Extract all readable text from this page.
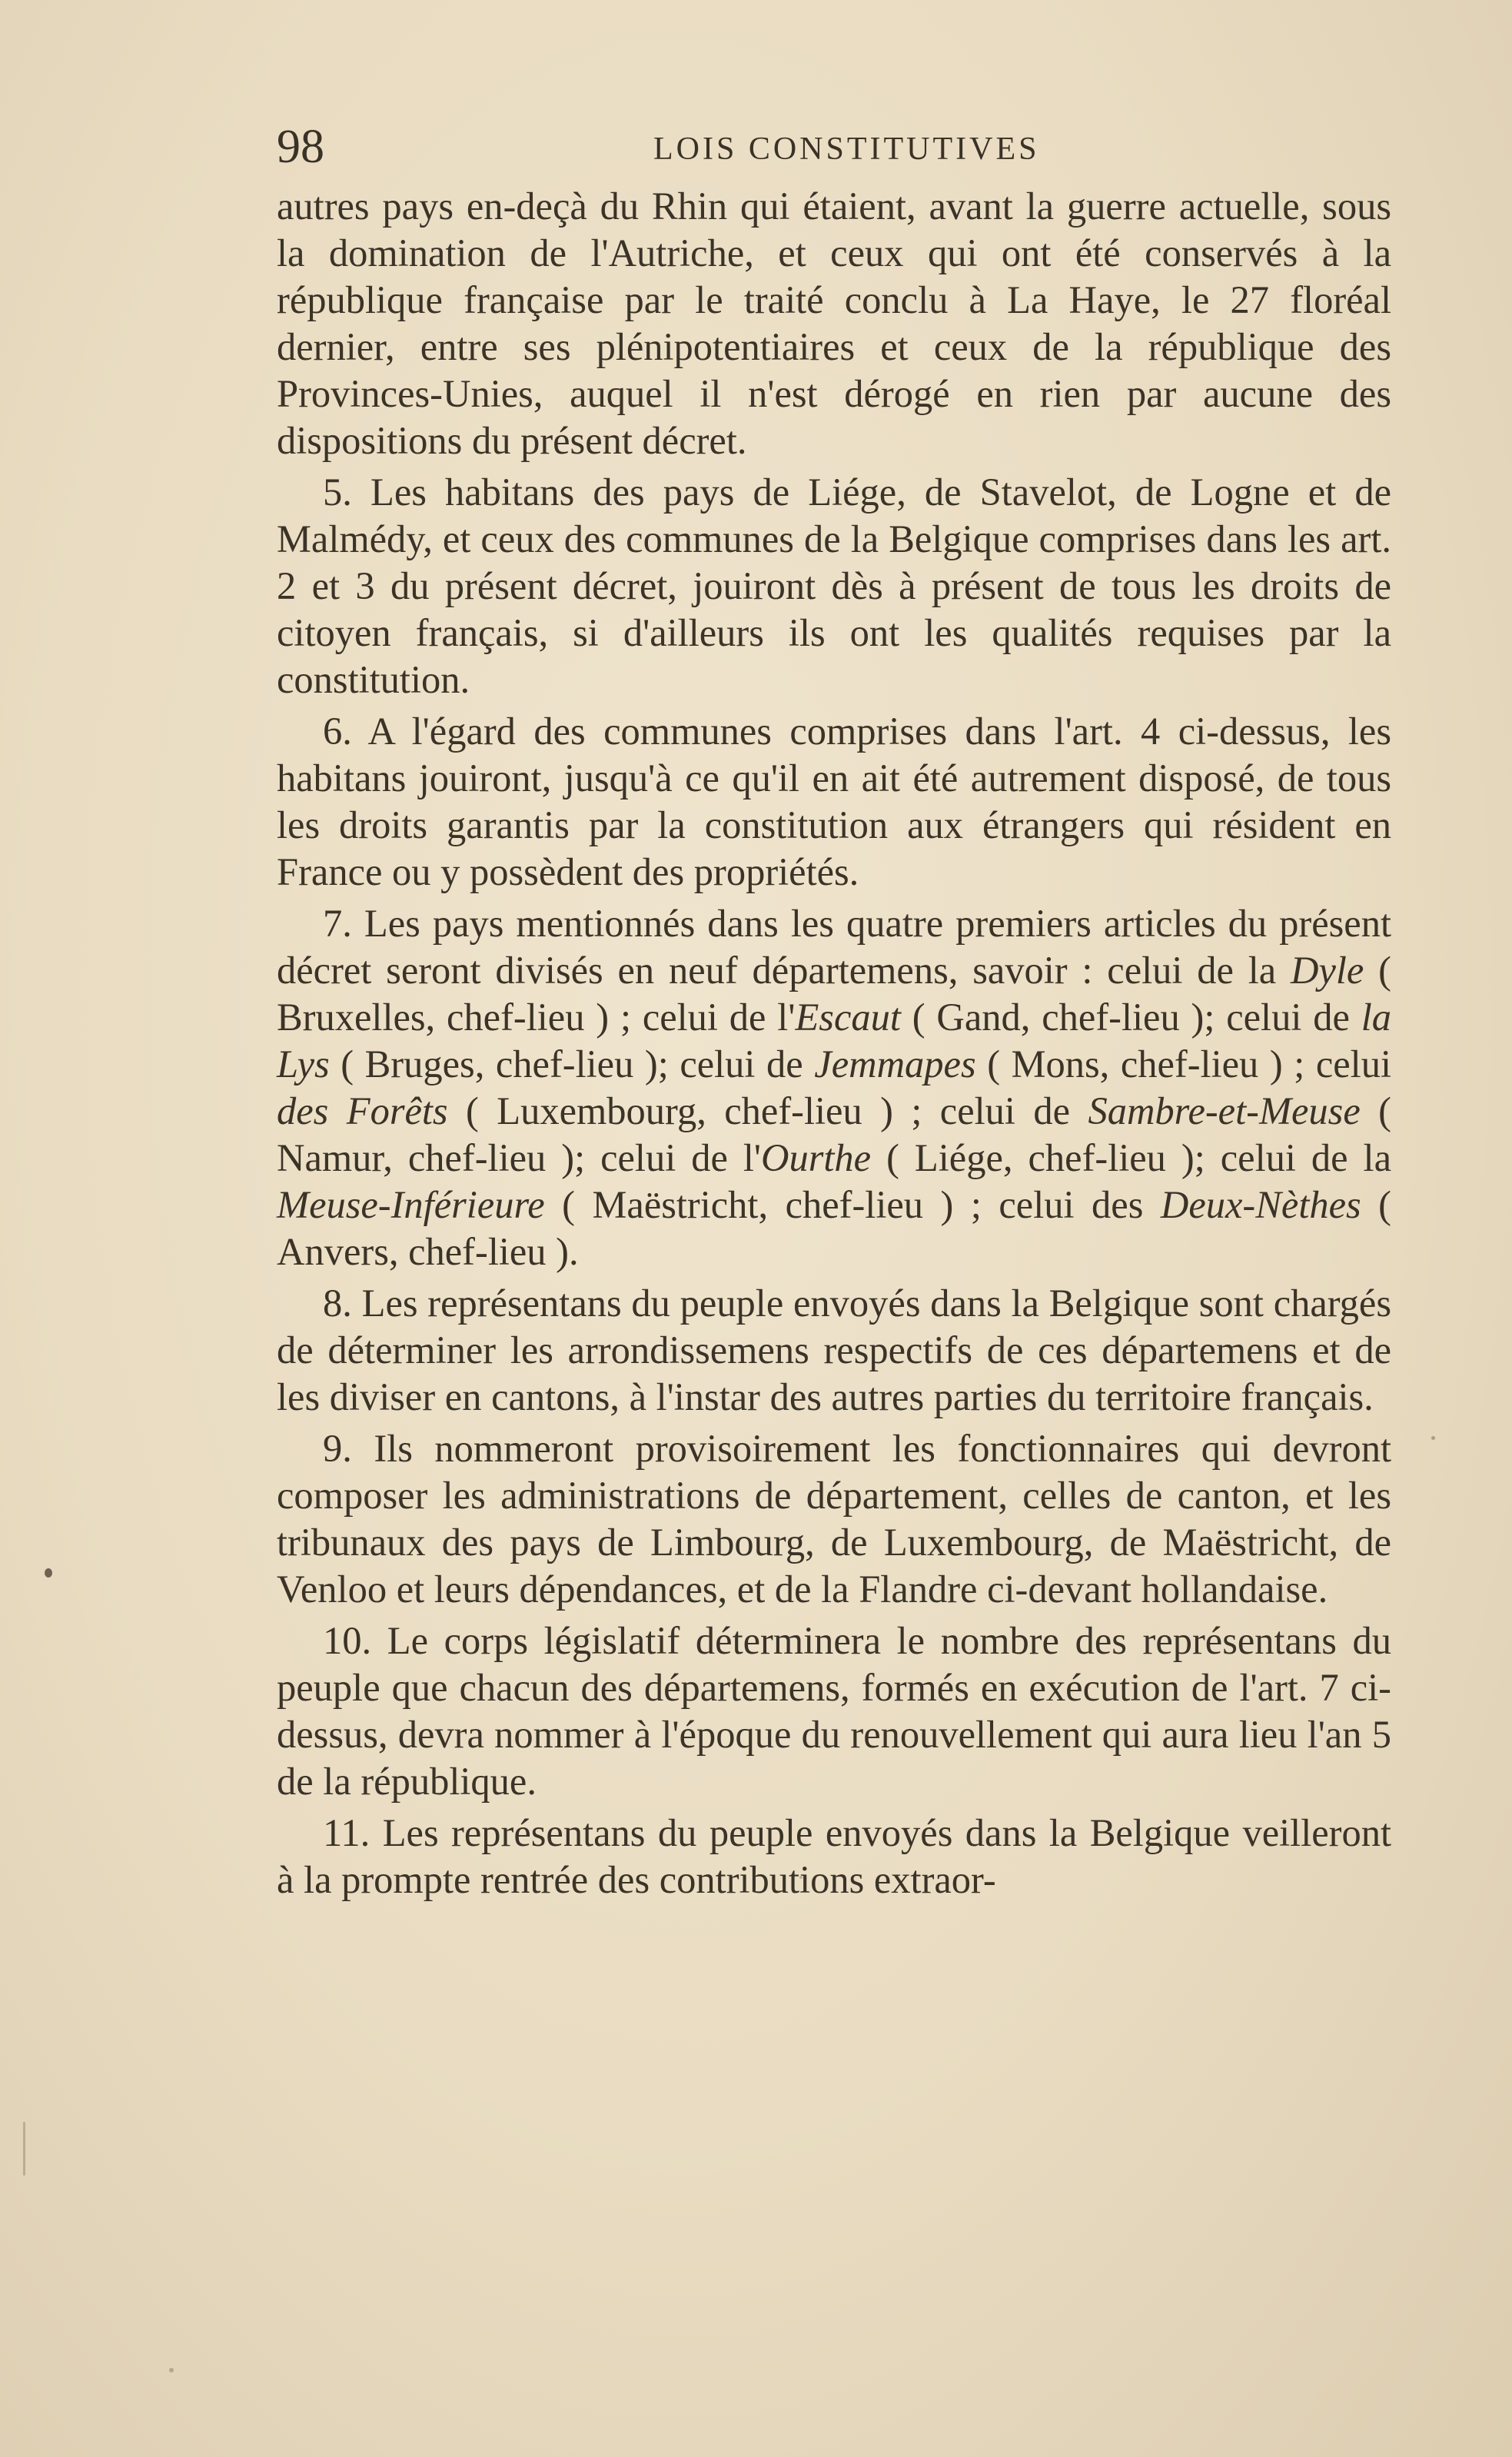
98	LOIS CONSTITUTIVES

autres pays en-deçà du Rhin qui étaient, avant la guerre actuelle, sous la domination de l'Autriche, et ceux qui ont été conservés à la république française par le traité conclu à La Haye, le 27 floréal dernier, entre ses plénipotentiaires et ceux de la république des Provinces-Unies, auquel il n'est dérogé en rien par aucune des dispositions du présent décret.

5. Les habitans des pays de Liége, de Stavelot, de Logne et de Malmédy, et ceux des communes de la Belgique comprises dans les art. 2 et 3 du présent décret, jouiront dès à présent de tous les droits de citoyen français, si d'ailleurs ils ont les qualités requises par la constitution.

6. A l'égard des communes comprises dans l'art. 4 ci-dessus, les habitans jouiront, jusqu'à ce qu'il en ait été autrement disposé, de tous les droits garantis par la constitution aux étrangers qui résident en France ou y possèdent des propriétés.

7. Les pays mentionnés dans les quatre premiers articles du présent décret seront divisés en neuf départemens, savoir : celui de la Dyle ( Bruxelles, chef-lieu ) ; celui de l'Escaut ( Gand, chef-lieu ); celui de la Lys ( Bruges, chef-lieu ); celui de Jemmapes ( Mons, chef-lieu ) ; celui des Forêts ( Luxembourg, chef-lieu ) ; celui de Sambre-et-Meuse ( Namur, chef-lieu ); celui de l'Ourthe ( Liége, chef-lieu ); celui de la Meuse-Inférieure ( Maëstricht, chef-lieu ) ; celui des Deux-Nèthes ( Anvers, chef-lieu ).

8. Les représentans du peuple envoyés dans la Belgique sont chargés de déterminer les arrondissemens respectifs de ces départemens et de les diviser en cantons, à l'instar des autres parties du territoire français.

9. Ils nommeront provisoirement les fonctionnaires qui devront composer les administrations de département, celles de canton, et les tribunaux des pays de Limbourg, de Luxembourg, de Maëstricht, de Venloo et leurs dépendances, et de la Flandre ci-devant hollandaise.

10. Le corps législatif déterminera le nombre des représentans du peuple que chacun des départemens, formés en exécution de l'art. 7 ci-dessus, devra nommer à l'époque du renouvellement qui aura lieu l'an 5 de la république.

11. Les représentans du peuple envoyés dans la Belgique veilleront à la prompte rentrée des contributions extraor-
